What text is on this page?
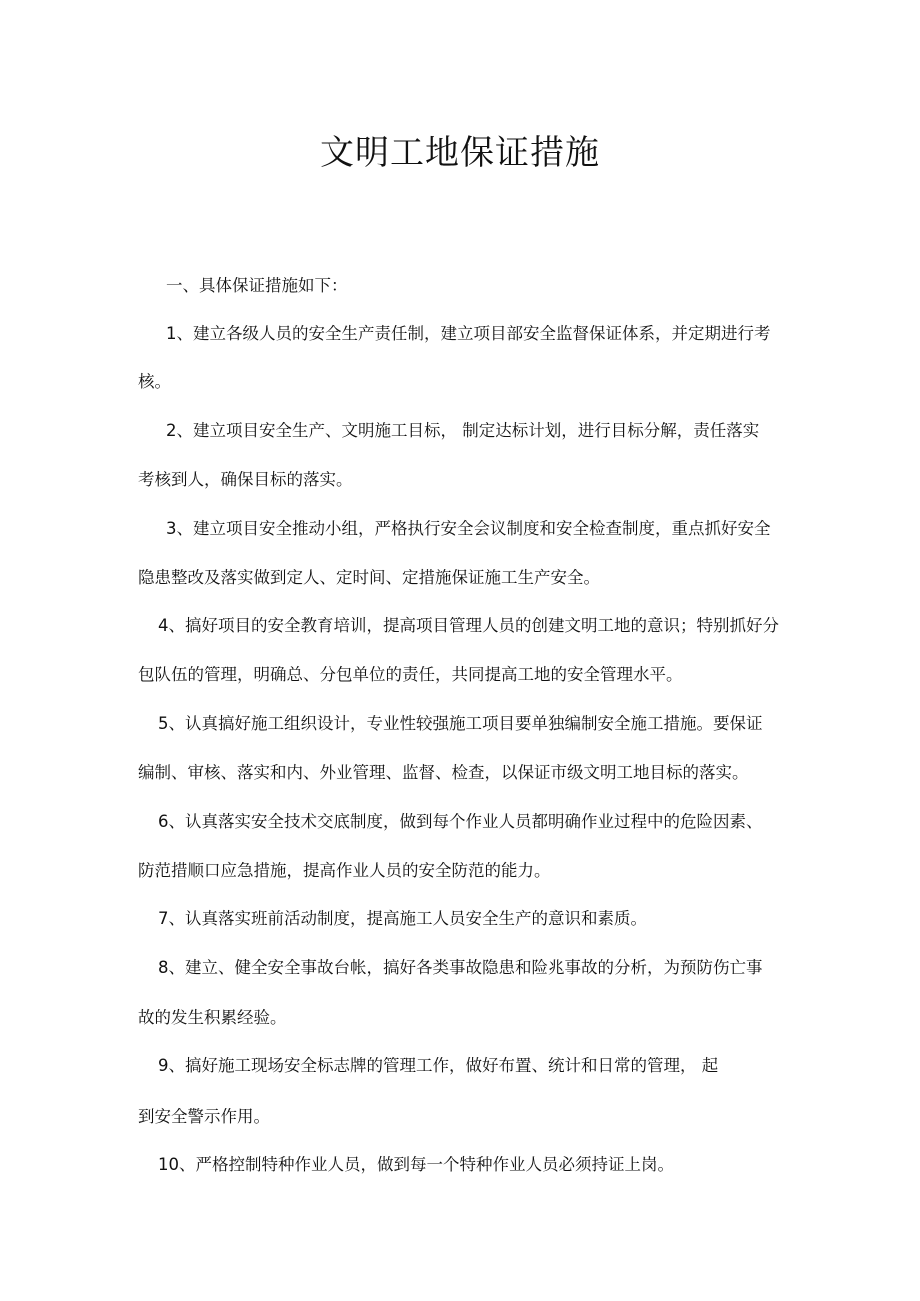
文明工地保证措施
一、具体保证措施如下：
1、建立各级人员的安全生产责任制，建立项目部安全监督保证体系，并定期进行考
核。
2、建立项目安全生产、文明施工目标， 制定达标计划，进行目标分解，责任落实
考核到人，确保目标的落实。
3、建立项目安全推动小组，严格执行安全会议制度和安全检查制度，重点抓好安全
隐患整改及落实做到定人、定时间、定措施保证施工生产安全。
4、搞好项目的安全教育培训，提高项目管理人员的创建文明工地的意识；特别抓好分
包队伍的管理，明确总、分包单位的责任，共同提高工地的安全管理水平。
5、认真搞好施工组织设计，专业性较强施工项目要单独编制安全施工措施。要保证
编制、审核、落实和内、外业管理、监督、检查，以保证市级文明工地目标的落实。
6、认真落实安全技术交底制度，做到每个作业人员都明确作业过程中的危险因素、
防范措顺口应急措施，提高作业人员的安全防范的能力。
7、认真落实班前活动制度，提高施工人员安全生产的意识和素质。
8、建立、健全安全事故台帐，搞好各类事故隐患和险兆事故的分析，为预防伤亡事
故的发生积累经验。
9、搞好施工现场安全标志牌的管理工作，做好布置、统计和日常的管理， 起
到安全警示作用。
10、严格控制特种作业人员，做到每一个特种作业人员必须持证上岗。
